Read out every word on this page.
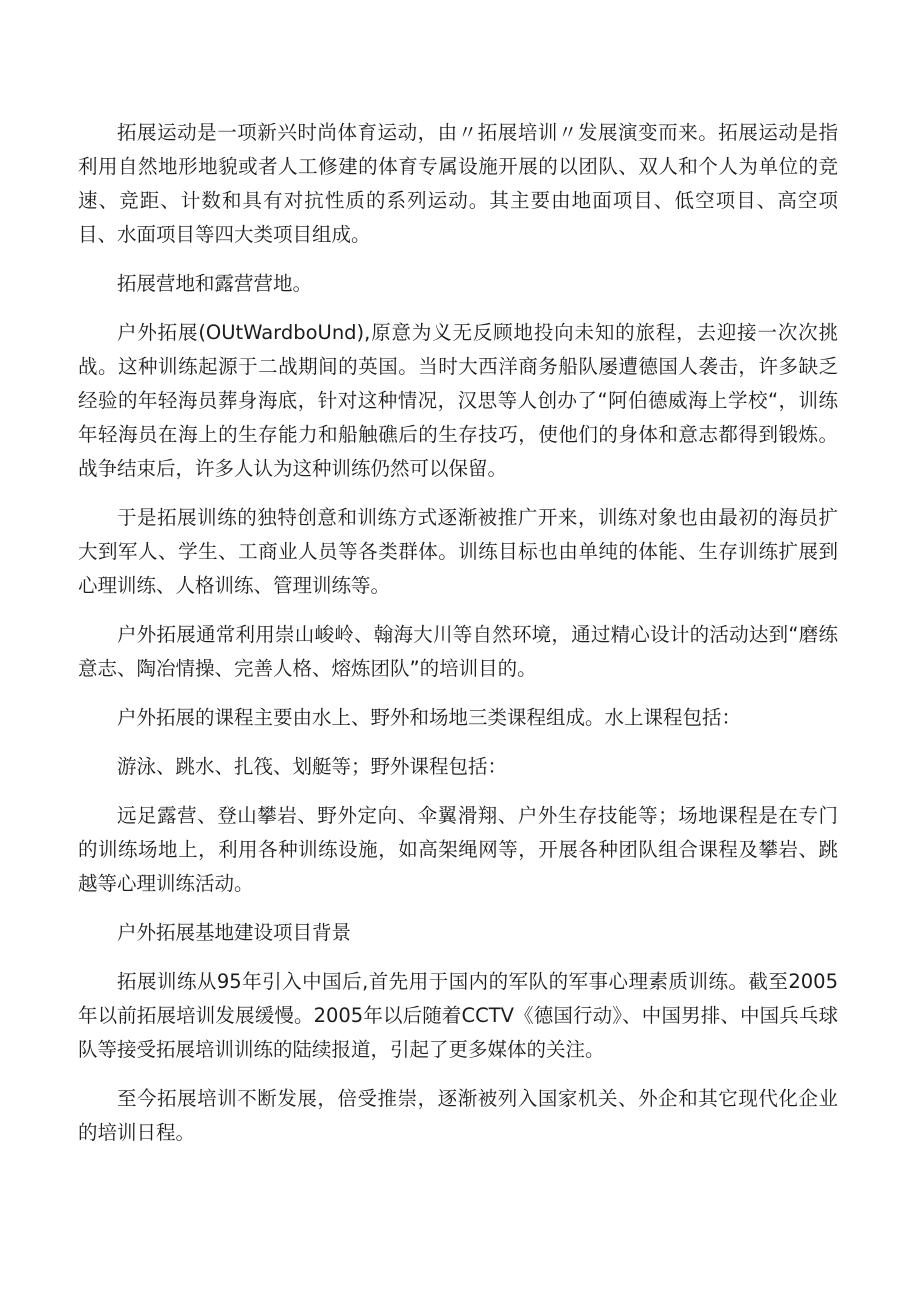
拓展运动是一项新兴时尚体育运动，由〃拓展培训〃发展演变而来。拓展运动是指利用自然地形地貌或者人工修建的体育专属设施开展的以团队、双人和个人为单位的竞速、竞距、计数和具有对抗性质的系列运动。其主要由地面项目、低空项目、高空项目、水面项目等四大类项目组成。

拓展营地和露营营地。

户外拓展(OUtWardboUnd),原意为义无反顾地投向未知的旅程，去迎接一次次挑战。这种训练起源于二战期间的英国。当时大西洋商务船队屡遭德国人袭击，许多缺乏经验的年轻海员葬身海底，针对这种情况，汉思等人创办了“阿伯德威海上学校“，训练年轻海员在海上的生存能力和船触礁后的生存技巧，使他们的身体和意志都得到锻炼。战争结束后，许多人认为这种训练仍然可以保留。

于是拓展训练的独特创意和训练方式逐渐被推广开来，训练对象也由最初的海员扩大到军人、学生、工商业人员等各类群体。训练目标也由单纯的体能、生存训练扩展到心理训练、人格训练、管理训练等。

户外拓展通常利用崇山峻岭、翰海大川等自然环境，通过精心设计的活动达到“磨练意志、陶冶情操、完善人格、熔炼团队”的培训目的。

户外拓展的课程主要由水上、野外和场地三类课程组成。水上课程包括：

游泳、跳水、扎筏、划艇等；野外课程包括：

远足露营、登山攀岩、野外定向、伞翼滑翔、户外生存技能等；场地课程是在专门的训练场地上，利用各种训练设施，如高架绳网等，开展各种团队组合课程及攀岩、跳越等心理训练活动。

户外拓展基地建设项目背景

拓展训练从95年引入中国后,首先用于国内的军队的军事心理素质训练。截至2005年以前拓展培训发展缓慢。2005年以后随着CCTV《德国行动》、中国男排、中国兵乓球队等接受拓展培训训练的陆续报道，引起了更多媒体的关注。

至今拓展培训不断发展，倍受推崇，逐渐被列入国家机关、外企和其它现代化企业的培训日程。
